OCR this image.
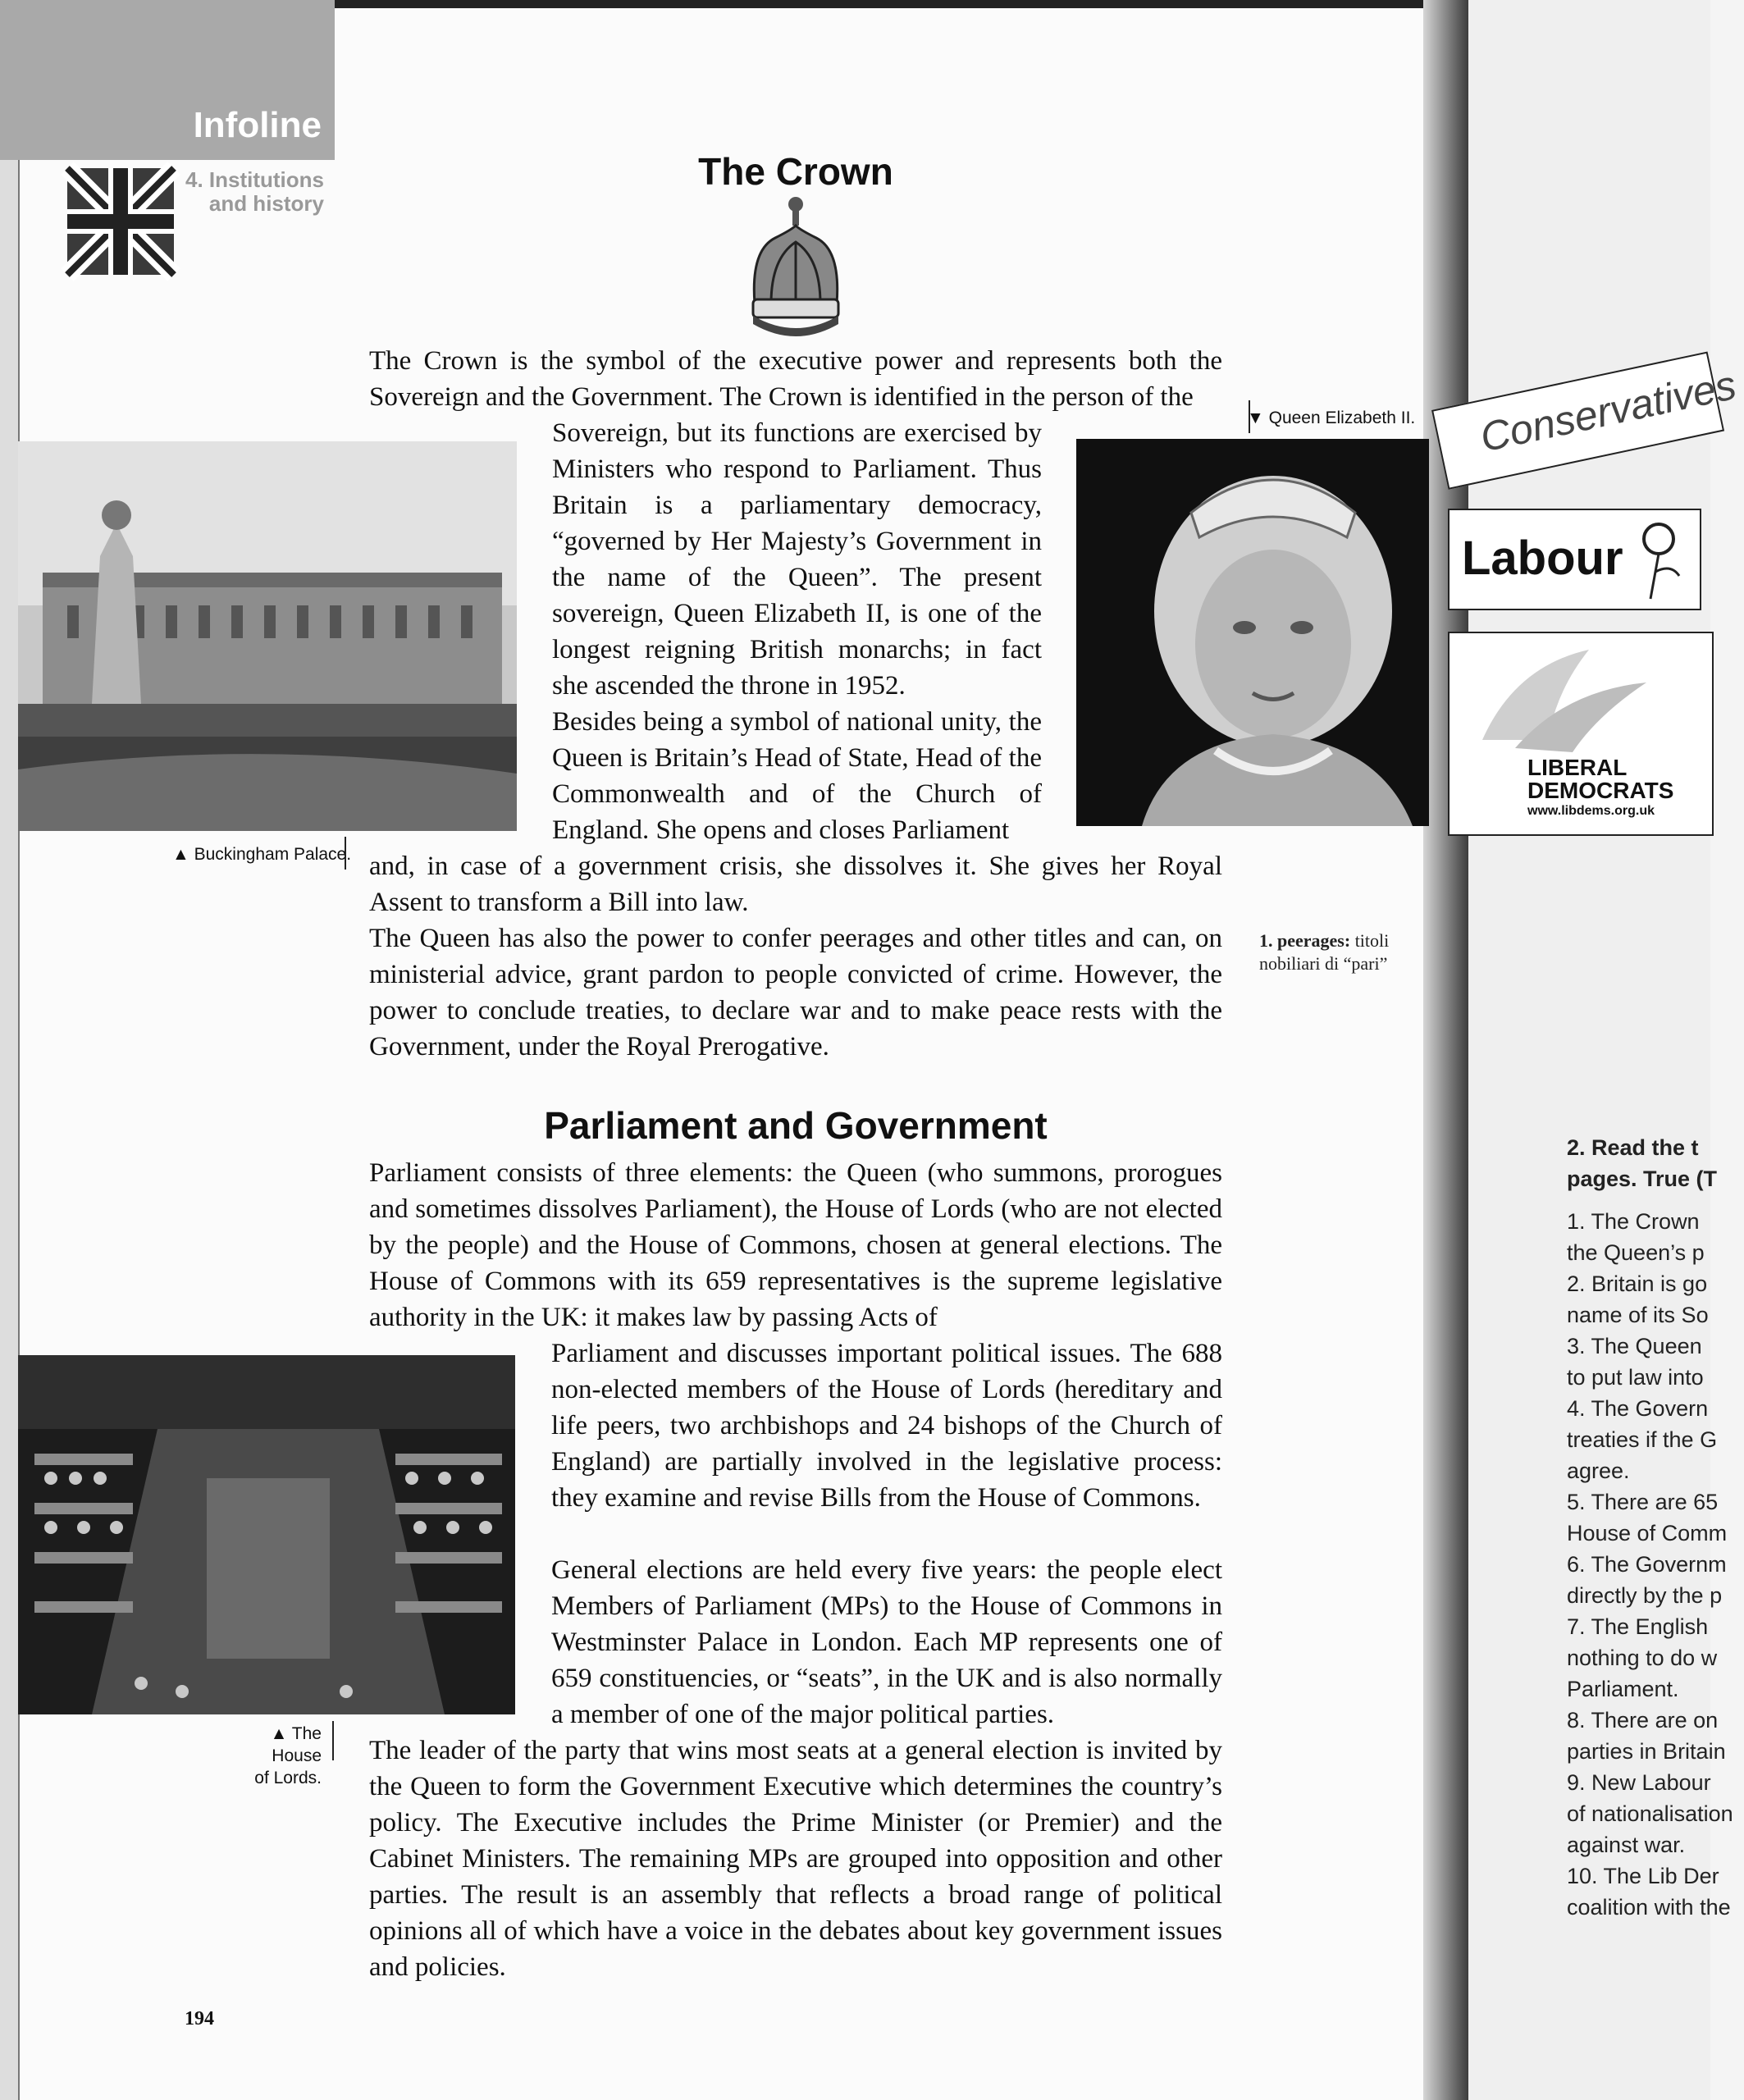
Infoline
4. Institutions
and history
The Crown

The Crown is the symbol of the executive power and represents both the Sovereign and the Government. The Crown is identified in the person of the

Sovereign, but its functions are exercised by Ministers who respond to Parliament. Thus Britain is a parliamentary democracy, “governed by Her Majesty’s Government in the name of the Queen”. The present sovereign, Queen Elizabeth II, is one of the longest reigning British monarchs; in fact she ascended the throne in 1952.

Besides being a symbol of national unity, the Queen is Britain’s Head of State, Head of the Commonwealth and of the Church of England. She opens and closes Parliament

and, in case of a government crisis, she dissolves it. She gives her Royal Assent to transform a Bill into law.

The Queen has also the power to confer peerages and other titles and can, on ministerial advice, grant pardon to people convicted of crime. However, the power to conclude treaties, to declare war and to make peace rests with the Government, under the Royal Prerogative.

▲ Buckingham Palace.
▼ Queen Elizabeth II.
1. peerages: titoli nobiliari di “pari”
Parliament and Government

Parliament consists of three elements: the Queen (who summons, prorogues and sometimes dissolves Parliament), the House of Lords (who are not elected by the people) and the House of Commons, chosen at general elections. The House of Commons with its 659 representatives is the supreme legislative authority in the UK: it makes law by passing Acts of

Parliament and discusses important political issues. The 688 non-elected members of the House of Lords (hereditary and life peers, two archbishops and 24 bishops of the Church of England) are partially involved in the legislative process: they examine and revise Bills from the House of Commons.

General elections are held every five years: the people elect Members of Parliament (MPs) to the House of Commons in Westminster Palace in London. Each MP represents one of 659 constituencies, or “seats”, in the UK and is also normally a member of one of the major political parties.

The leader of the party that wins most seats at a general election is invited by the Queen to form the Government Executive which determines the country’s policy. The Executive includes the Prime Minister (or Premier) and the Cabinet Ministers. The remaining MPs are grouped into opposition and other parties. The result is an assembly that reflects a broad range of political opinions all of which have a voice in the debates about key government issues and policies.

▲ The House
of Lords.
194
Conservatives
Labour
LIBERAL
DEMOCRATS
www.libdems.org.uk
2. Read the t
pages. True (T
1. The Crown
the Queen’s p
2. Britain is go
name of its So
3. The Queen
to put law into
4. The Govern
treaties if the G
agree.
5. There are 65
House of Comm
6. The Governm
directly by the p
7. The English
nothing to do w
Parliament.
8. There are on
parties in Britain
9. New Labour
of nationalisation
against war.
10. The Lib Der
coalition with the
